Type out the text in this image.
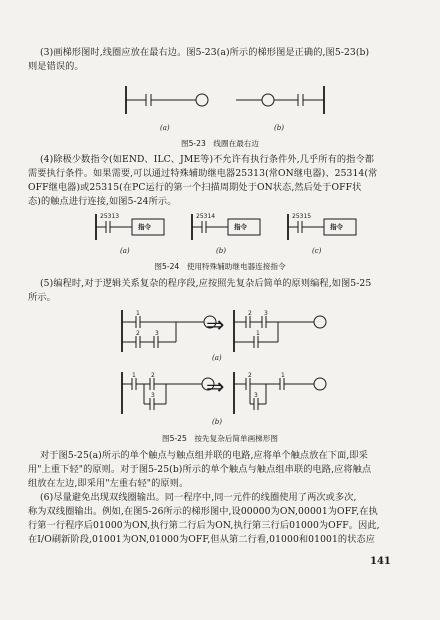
(3)画梯形图时,线圈应放在最右边。图5-23(a)所示的梯形图是正确的,图5-23(b)
则是错误的。
(a)	(b)
图5-23　线圈在最右边
(4)除极少数指令(如END、ILC、JME等)不允许有执行条件外,几乎所有的指令都
需要执行条件。如果需要,可以通过特殊辅助继电器25313(常ON继电器)、25314(常
OFF继电器)或25315(在PC运行的第一个扫描周期处于ON状态,然后处于OFF状
态)的触点进行连接,如图5-24所示。
25313
指令
(a)
25314
指令
(b)
25315
指令
(c)
图5-24　使用特殊辅助继电器连接指令
(5)编程时,对于逻辑关系复杂的程序段,应按照先复杂后简单的原则编程,如图5-25
所示。
1
2	3 ⇒	2 3
1
(a)
1	2
3 ⇒	2
3
1
(b)
图5-25　按先复杂后简单画梯形图
对于图5-25(a)所示的单个触点与触点组并联的电路,应将单个触点放在下面,即采
用"上重下轻"的原则。对于图5-25(b)所示的单个触点与触点组串联的电路,应将触点
组放在左边,即采用"左重右轻"的原则。
(6)尽量避免出现双线圈输出。同一程序中,同一元件的线圈使用了两次或多次,
称为双线圈输出。例如,在图5-26所示的梯形图中,设00000为ON,00001为OFF,在执
行第一行程序后01000为ON,执行第二行后为ON,执行第三行后01000为OFF。因此,
在I/O刷新阶段,01001为ON,01000为OFF,但从第二行看,01000和01001的状态应
141
